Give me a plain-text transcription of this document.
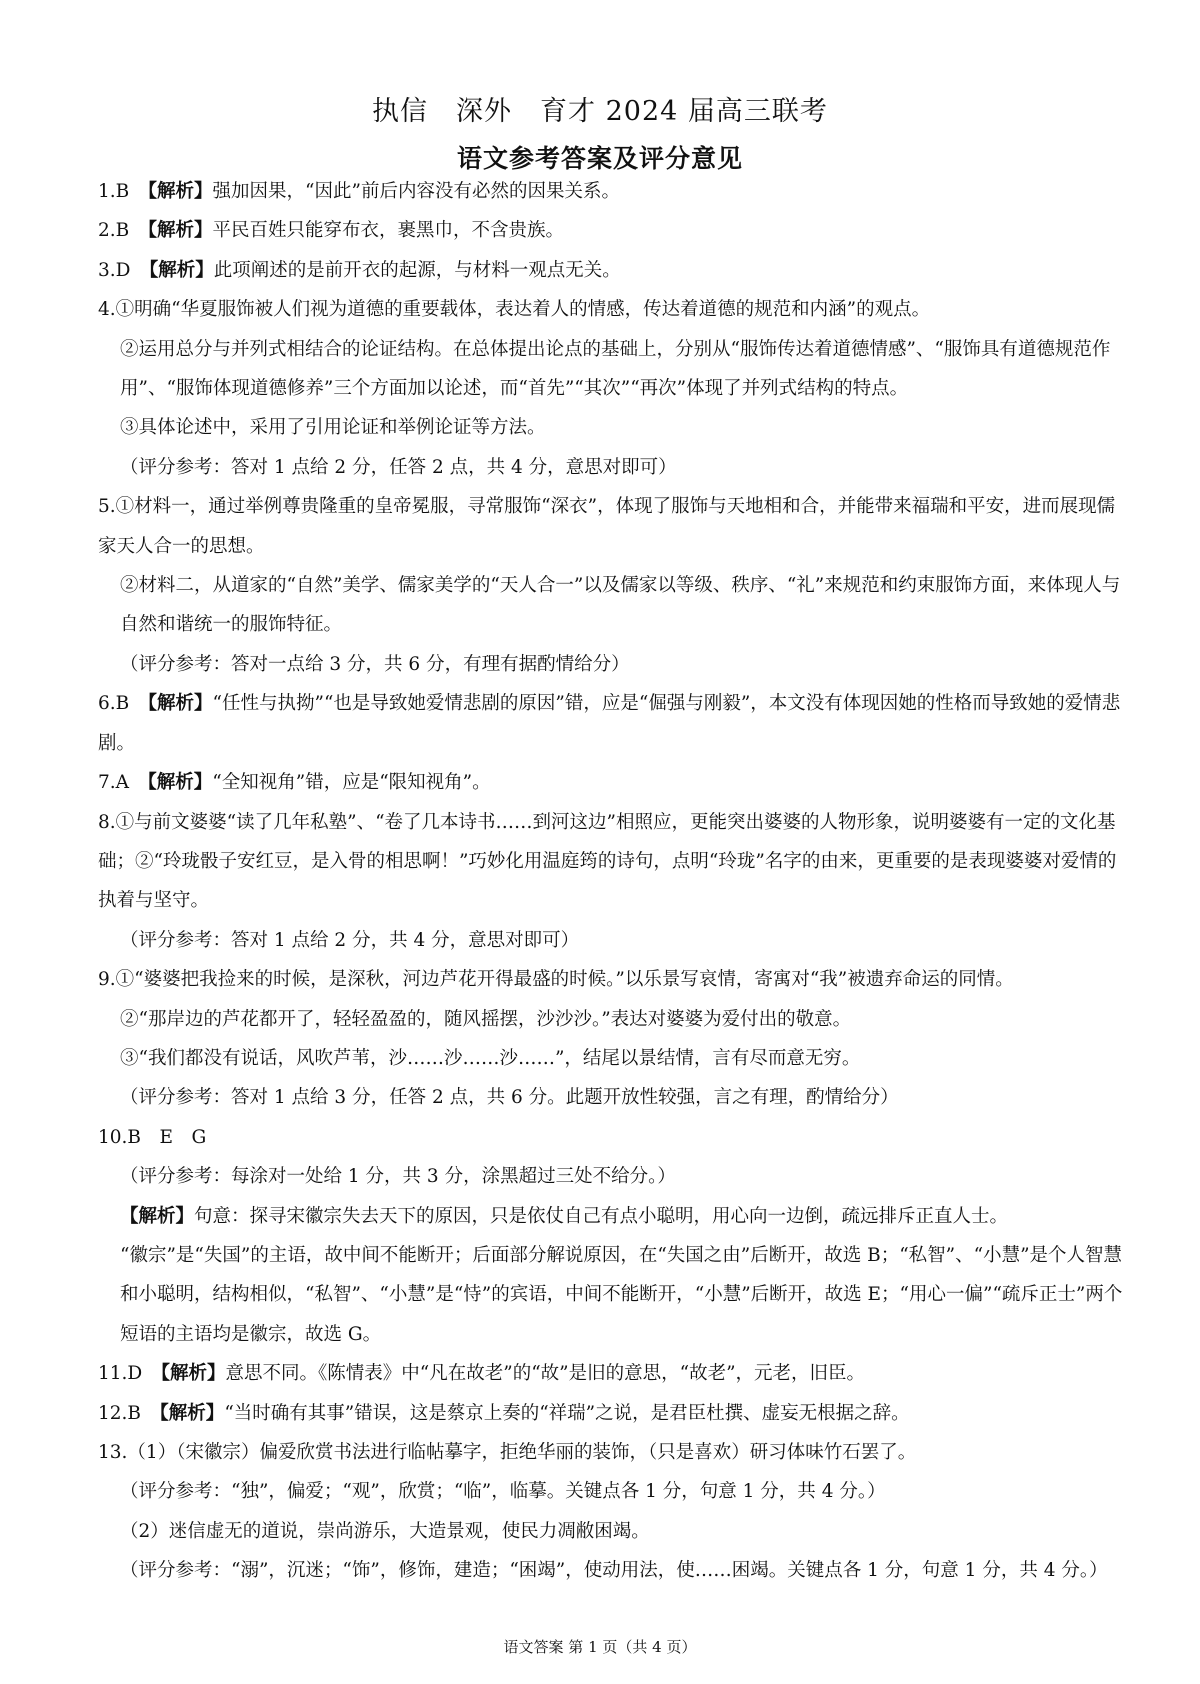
执信　深外　育才 2024 届高三联考
语文参考答案及评分意见

1.B　 【解析】强加因果，“因此”前后内容没有必然的因果关系。

2.B　 【解析】平民百姓只能穿布衣，裹黑巾，不含贵族。

3.D　 【解析】此项阐述的是前开衣的起源，与材料一观点无关。

4.①明确“华夏服饰被人们视为道德的重要载体，表达着人的情感，传达着道德的规范和内涵”的观点。

②运用总分与并列式相结合的论证结构。在总体提出论点的基础上，分别从“服饰传达着道德情感”、“服饰具有道德规范作用”、“服饰体现道德修养”三个方面加以论述，而“首先”“其次”“再次”体现了并列式结构的特点。

③具体论述中，采用了引用论证和举例论证等方法。

（评分参考：答对 1 点给 2 分，任答 2 点，共 4 分，意思对即可）

5.①材料一，通过举例尊贵隆重的皇帝冕服，寻常服饰“深衣”，体现了服饰与天地相和合，并能带来福瑞和平安，进而展现儒家天人合一的思想。

②材料二，从道家的“自然”美学、儒家美学的“天人合一”以及儒家以等级、秩序、“礼”来规范和约束服饰方面，来体现人与自然和谐统一的服饰特征。

（评分参考：答对一点给 3 分，共 6 分，有理有据酌情给分）

6.B　 【解析】“任性与执拗”“也是导致她爱情悲剧的原因”错，应是“倔强与刚毅”，本文没有体现因她的性格而导致她的爱情悲剧。

7.A　 【解析】“全知视角”错，应是“限知视角”。

8.①与前文婆婆“读了几年私塾”、“卷了几本诗书……到河这边”相照应，更能突出婆婆的人物形象，说明婆婆有一定的文化基础；②“玲珑骰子安红豆，是入骨的相思啊！”巧妙化用温庭筠的诗句，点明“玲珑”名字的由来，更重要的是表现婆婆对爱情的执着与坚守。

（评分参考：答对 1 点给 2 分，共 4 分，意思对即可）

9.①“婆婆把我捡来的时候，是深秋，河边芦花开得最盛的时候。”以乐景写哀情，寄寓对“我”被遗弃命运的同情。

②“那岸边的芦花都开了，轻轻盈盈的，随风摇摆，沙沙沙。”表达对婆婆为爱付出的敬意。

③“我们都没有说话，风吹芦苇，沙……沙……沙……”，结尾以景结情，言有尽而意无穷。

（评分参考：答对 1 点给 3 分，任答 2 点，共 6 分。此题开放性较强，言之有理，酌情给分）

10.B　E　G

（评分参考：每涂对一处给 1 分，共 3 分，涂黑超过三处不给分。）

【解析】句意：探寻宋徽宗失去天下的原因，只是依仗自己有点小聪明，用心向一边倒，疏远排斥正直人士。

“徽宗”是“失国”的主语，故中间不能断开；后面部分解说原因，在“失国之由”后断开，故选 B；“私智”、“小慧”是个人智慧和小聪明，结构相似，“私智”、“小慧”是“恃”的宾语，中间不能断开，“小慧”后断开，故选 E；“用心一偏”“疏斥正士”两个短语的主语均是徽宗，故选 G。

11.D　 【解析】意思不同。《陈情表》中“凡在故老”的“故”是旧的意思，“故老”，元老，旧臣。

12.B　 【解析】“当时确有其事”错误，这是蔡京上奏的“祥瑞”之说，是君臣杜撰、虚妄无根据之辞。

13.（1）（宋徽宗）偏爱欣赏书法进行临帖摹字，拒绝华丽的装饰，（只是喜欢）研习体味竹石罢了。

（评分参考：“独”，偏爱；“观”，欣赏；“临”，临摹。关键点各 1 分，句意 1 分，共 4 分。）

（2）迷信虚无的道说，崇尚游乐，大造景观，使民力凋敝困竭。

（评分参考：“溺”，沉迷；“饰”，修饰，建造；“困竭”，使动用法，使……困竭。关键点各 1 分，句意 1 分，共 4 分。）

语文答案 第 1 页（共 4 页）
